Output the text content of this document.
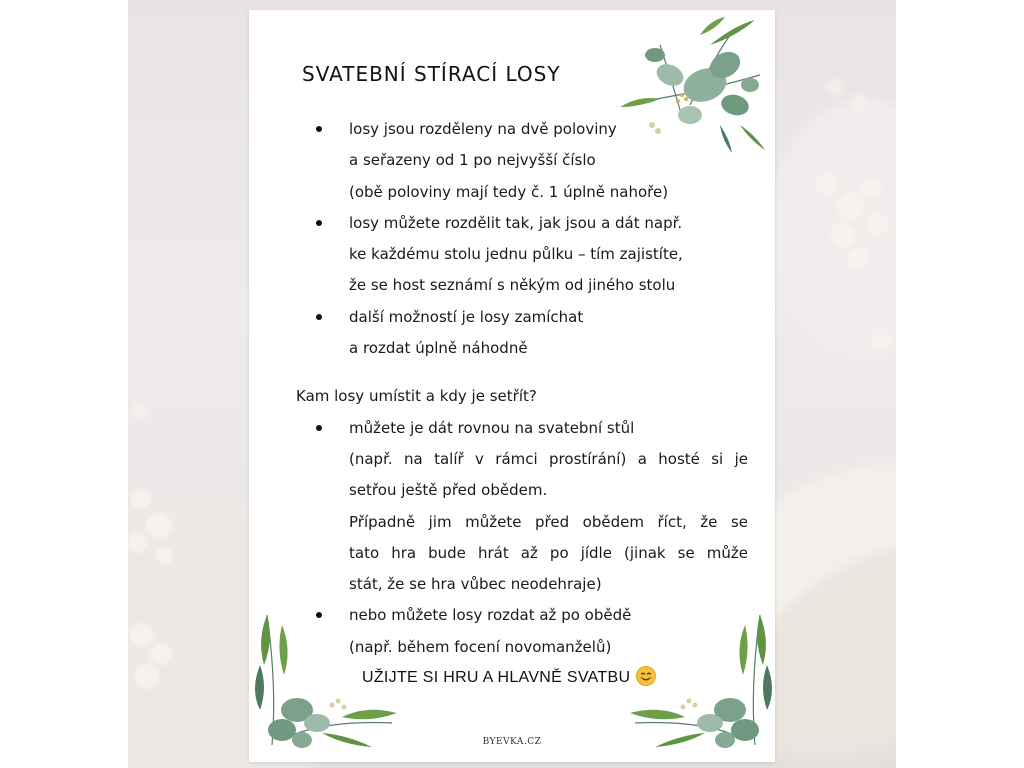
SVATEBNÍ STÍRACÍ LOSY
losy jsou rozděleny na dvě poloviny
a seřazeny od 1 po nejvyšší číslo
(obě poloviny mají tedy č. 1 úplně nahoře)
losy můžete rozdělit tak, jak jsou a dát např.
ke každému stolu jednu půlku – tím zajistíte,
že se host seznámí s někým od jiného stolu
další možností je losy zamíchat
a rozdat úplně náhodně
Kam losy umístit a kdy je setřít?
můžete je dát rovnou na svatební stůl
(např. na talíř v rámci prostírání) a hosté si je
setřou ještě před obědem.
Případně jim můžete před obědem říct, že se
tato hra bude hrát až po jídle (jinak se může
stát, že se hra vůbec neodehraje)
nebo můžete losy rozdat až po obědě
(např. během focení novomanželů)
UŽIJTE SI HRU A HLAVNĚ SVATBU
BYEVKA.CZ
